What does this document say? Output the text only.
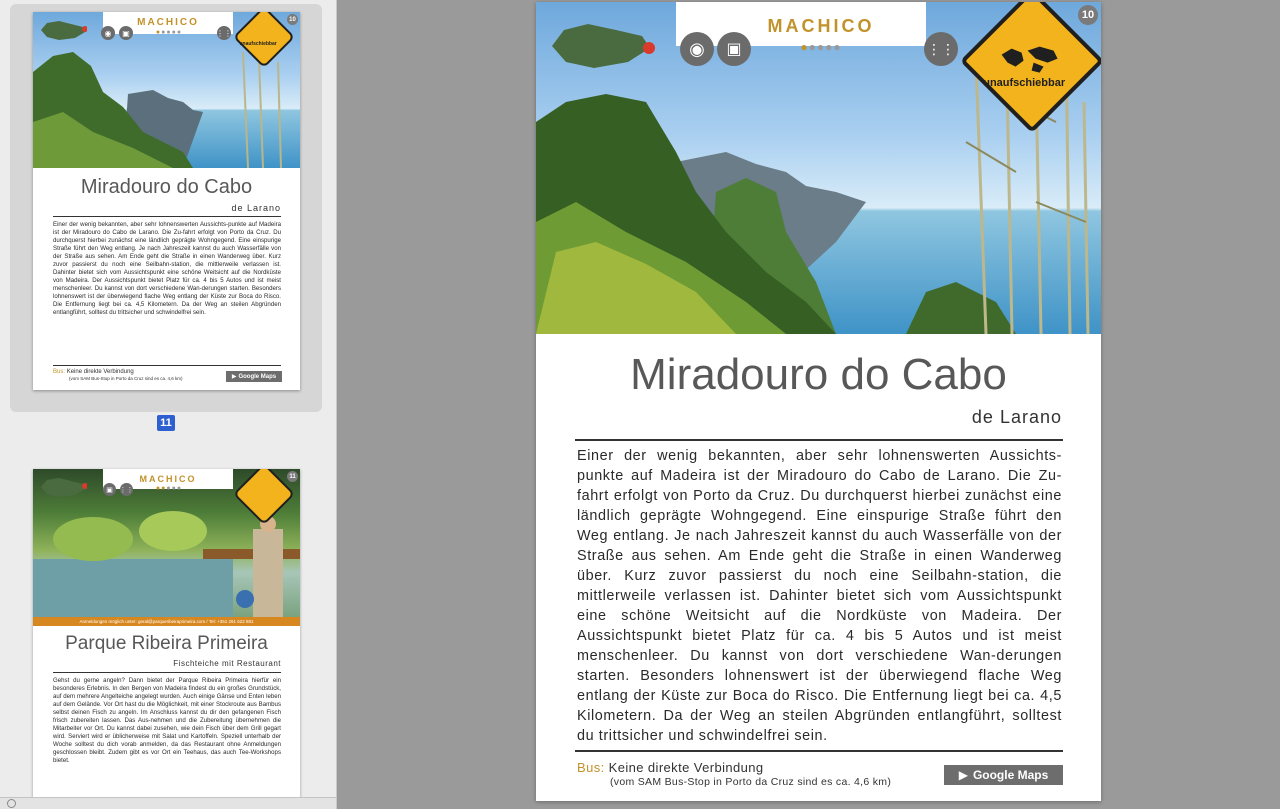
◉	▣
MACHICO
●●●●●	⋮⋮
unaufschiebbar
10
Miradouro do Cabo
de Larano
Einer der wenig bekannten, aber sehr lohnenswerten Aussichts-punkte auf Madeira ist der Miradouro do Cabo de Larano. Die Zu-fahrt erfolgt von Porto da Cruz. Du durchquerst hierbei zunächst eine ländlich geprägte Wohngegend. Eine einspurige Straße führt den Weg entlang. Je nach Jahreszeit kannst du auch Wasserfälle von der Straße aus sehen. Am Ende geht die Straße in einen Wanderweg über. Kurz zuvor passierst du noch eine Seilbahn-station, die mittlerweile verlassen ist. Dahinter bietet sich vom Aussichtspunkt eine schöne Weitsicht auf die Nordküste von Madeira. Der Aussichtspunkt bietet Platz für ca. 4 bis 5 Autos und ist meist menschenleer. Du kannst von dort verschiedene Wan-derungen starten. Besonders lohnenswert ist der überwiegend flache Weg entlang der Küste zur Boca do Risco. Die Entfernung liegt bei ca. 4,5 Kilometern. Da der Weg an steilen Abgründen entlangführt, solltest du trittsicher und schwindelfrei sein.
Bus: Keine direkte Verbindung
(vom SAM Bus-Stop in Porto da Cruz sind es ca. 4,6 km)	▶ Google Maps
11
▣ ⋮⋮
MACHICO
●●●●●
11
Anmeldungen möglich unter: geral@parqueribeiraprimeira.com / Tel: +351 291 622 881
Parque Ribeira Primeira
Fischteiche mit Restaurant
Gehst du gerne angeln? Dann bietet der Parque Ribeira Primeira hierfür ein besonderes Erlebnis. In den Bergen von Madeira findest du ein großes Grundstück, auf dem mehrere Angelteiche angelegt wurden. Auch einige Gänse und Enten leben auf dem Gelände. Vor Ort hast du die Möglichkeit, mit einer Stockroute aus Bambus selbst deinen Fisch zu angeln. Im Anschluss kannst du dir den gefangenen Fisch frisch zubereiten lassen. Das Aus-nehmen und die Zubereitung übernehmen die Mitarbeiter vor Ort. Du kannst dabei zusehen, wie dein Fisch über dem Grill gegart wird. Serviert wird er üblicherweise mit Salat und Kartoffeln. Speziell unterhalb der Woche solltest du dich vorab anmelden, da das Restaurant ohne Anmeldungen geschlossen bleibt. Zudem gibt es vor Ort ein Teehaus, das auch Tee-Workshops bietet.
◉	▣
MACHICO
●●●●●	⋮⋮
unaufschiebbar
10
Miradouro do Cabo
de Larano
Einer der wenig bekannten, aber sehr lohnenswerten Aussichts-punkte auf Madeira ist der Miradouro do Cabo de Larano. Die Zu-fahrt erfolgt von Porto da Cruz. Du durchquerst hierbei zunächst eine ländlich geprägte Wohngegend. Eine einspurige Straße führt den Weg entlang. Je nach Jahreszeit kannst du auch Wasserfälle von der Straße aus sehen. Am Ende geht die Straße in einen Wanderweg über. Kurz zuvor passierst du noch eine Seilbahn-station, die mittlerweile verlassen ist. Dahinter bietet sich vom Aussichtspunkt eine schöne Weitsicht auf die Nordküste von Madeira. Der Aussichtspunkt bietet Platz für ca. 4 bis 5 Autos und ist meist menschenleer. Du kannst von dort verschiedene Wan-derungen starten. Besonders lohnenswert ist der überwiegend flache Weg entlang der Küste zur Boca do Risco. Die Entfernung liegt bei ca. 4,5 Kilometern. Da der Weg an steilen Abgründen entlangführt, solltest du trittsicher und schwindelfrei sein.
Bus: Keine direkte Verbindung
(vom SAM Bus-Stop in Porto da Cruz sind es ca. 4,6 km)	▶ Google Maps
